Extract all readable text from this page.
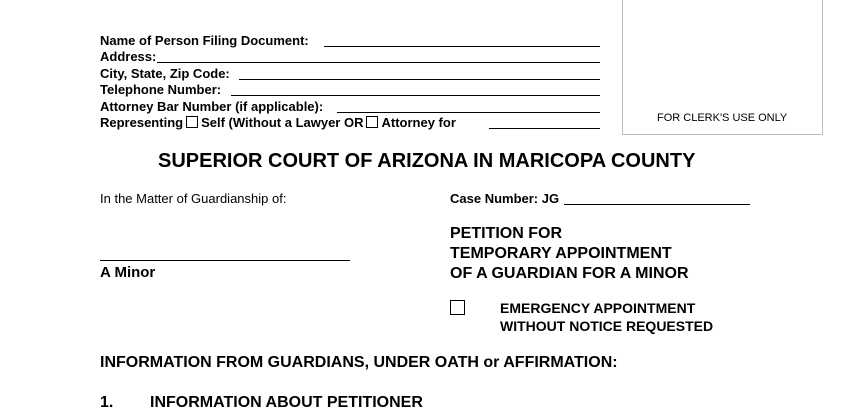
FOR CLERK'S USE ONLY
Name of Person Filing Document:
Address:
City, State, Zip Code:
Telephone Number:
Attorney Bar Number (if applicable):
Representing Self (Without a Lawyer OR Attorney for
SUPERIOR COURT OF ARIZONA IN MARICOPA COUNTY
In the Matter of Guardianship of:	Case Number: JG
A Minor
PETITION FOR
TEMPORARY APPOINTMENT
OF A GUARDIAN FOR A MINOR
EMERGENCY APPOINTMENT
WITHOUT NOTICE REQUESTED
INFORMATION FROM GUARDIANS, UNDER OATH or AFFIRMATION:
1. INFORMATION ABOUT PETITIONER
